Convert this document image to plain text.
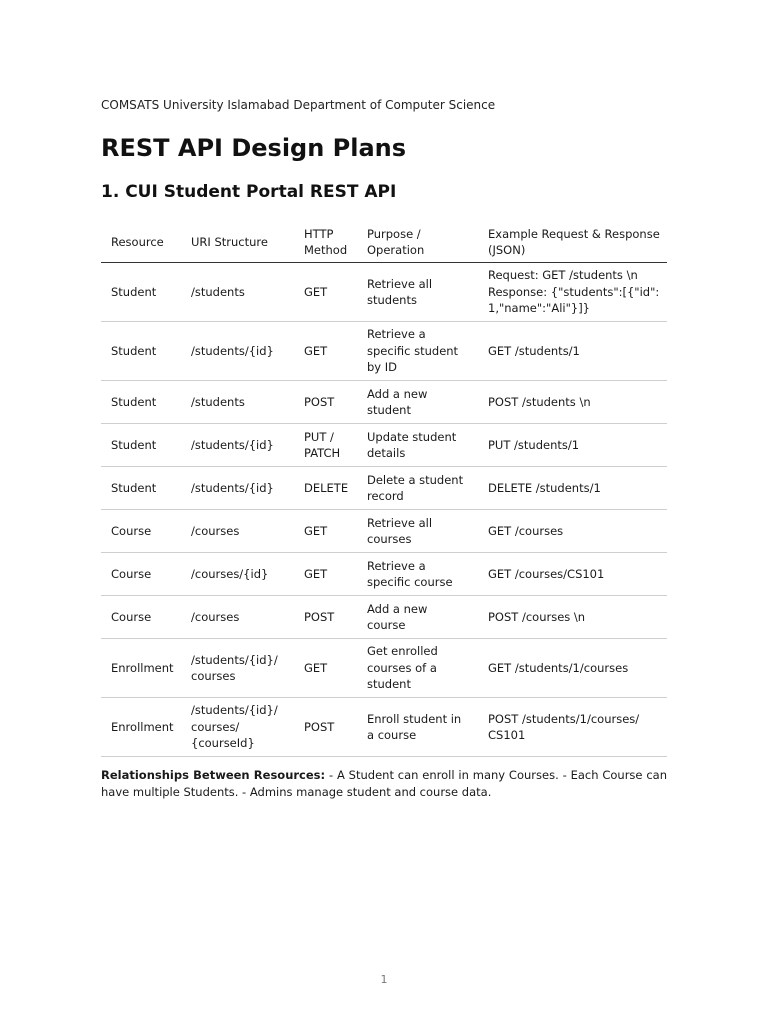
COMSATS University Islamabad Department of Computer Science
REST API Design Plans
1. CUI Student Portal REST API
Resource	URI Structure	HTTP Method	Purpose / Operation	Example Request & Response (JSON)
Student	/students	GET	Retrieve all students	Request: GET /students \n Response: {"students":[{"id": 1,"name":"Ali"}]}
Student	/students/{id}	GET	Retrieve a specific student by ID	GET /students/1
Student	/students	POST	Add a new student	POST /students \n
Student	/students/{id}	PUT / PATCH	Update student details	PUT /students/1
Student	/students/{id}	DELETE	Delete a student record	DELETE /students/1
Course	/courses	GET	Retrieve all courses	GET /courses
Course	/courses/{id}	GET	Retrieve a specific course	GET /courses/CS101
Course	/courses	POST	Add a new course	POST /courses \n
Enrollment	/students/{id}/ courses	GET	Get enrolled courses of a student	GET /students/1/courses
Enrollment	/students/{id}/ courses/ {courseId}	POST	Enroll student in a course	POST /students/1/courses/ CS101

Relationships Between Resources: - A Student can enroll in many Courses. - Each Course can have multiple Students. - Admins manage student and course data.

1
